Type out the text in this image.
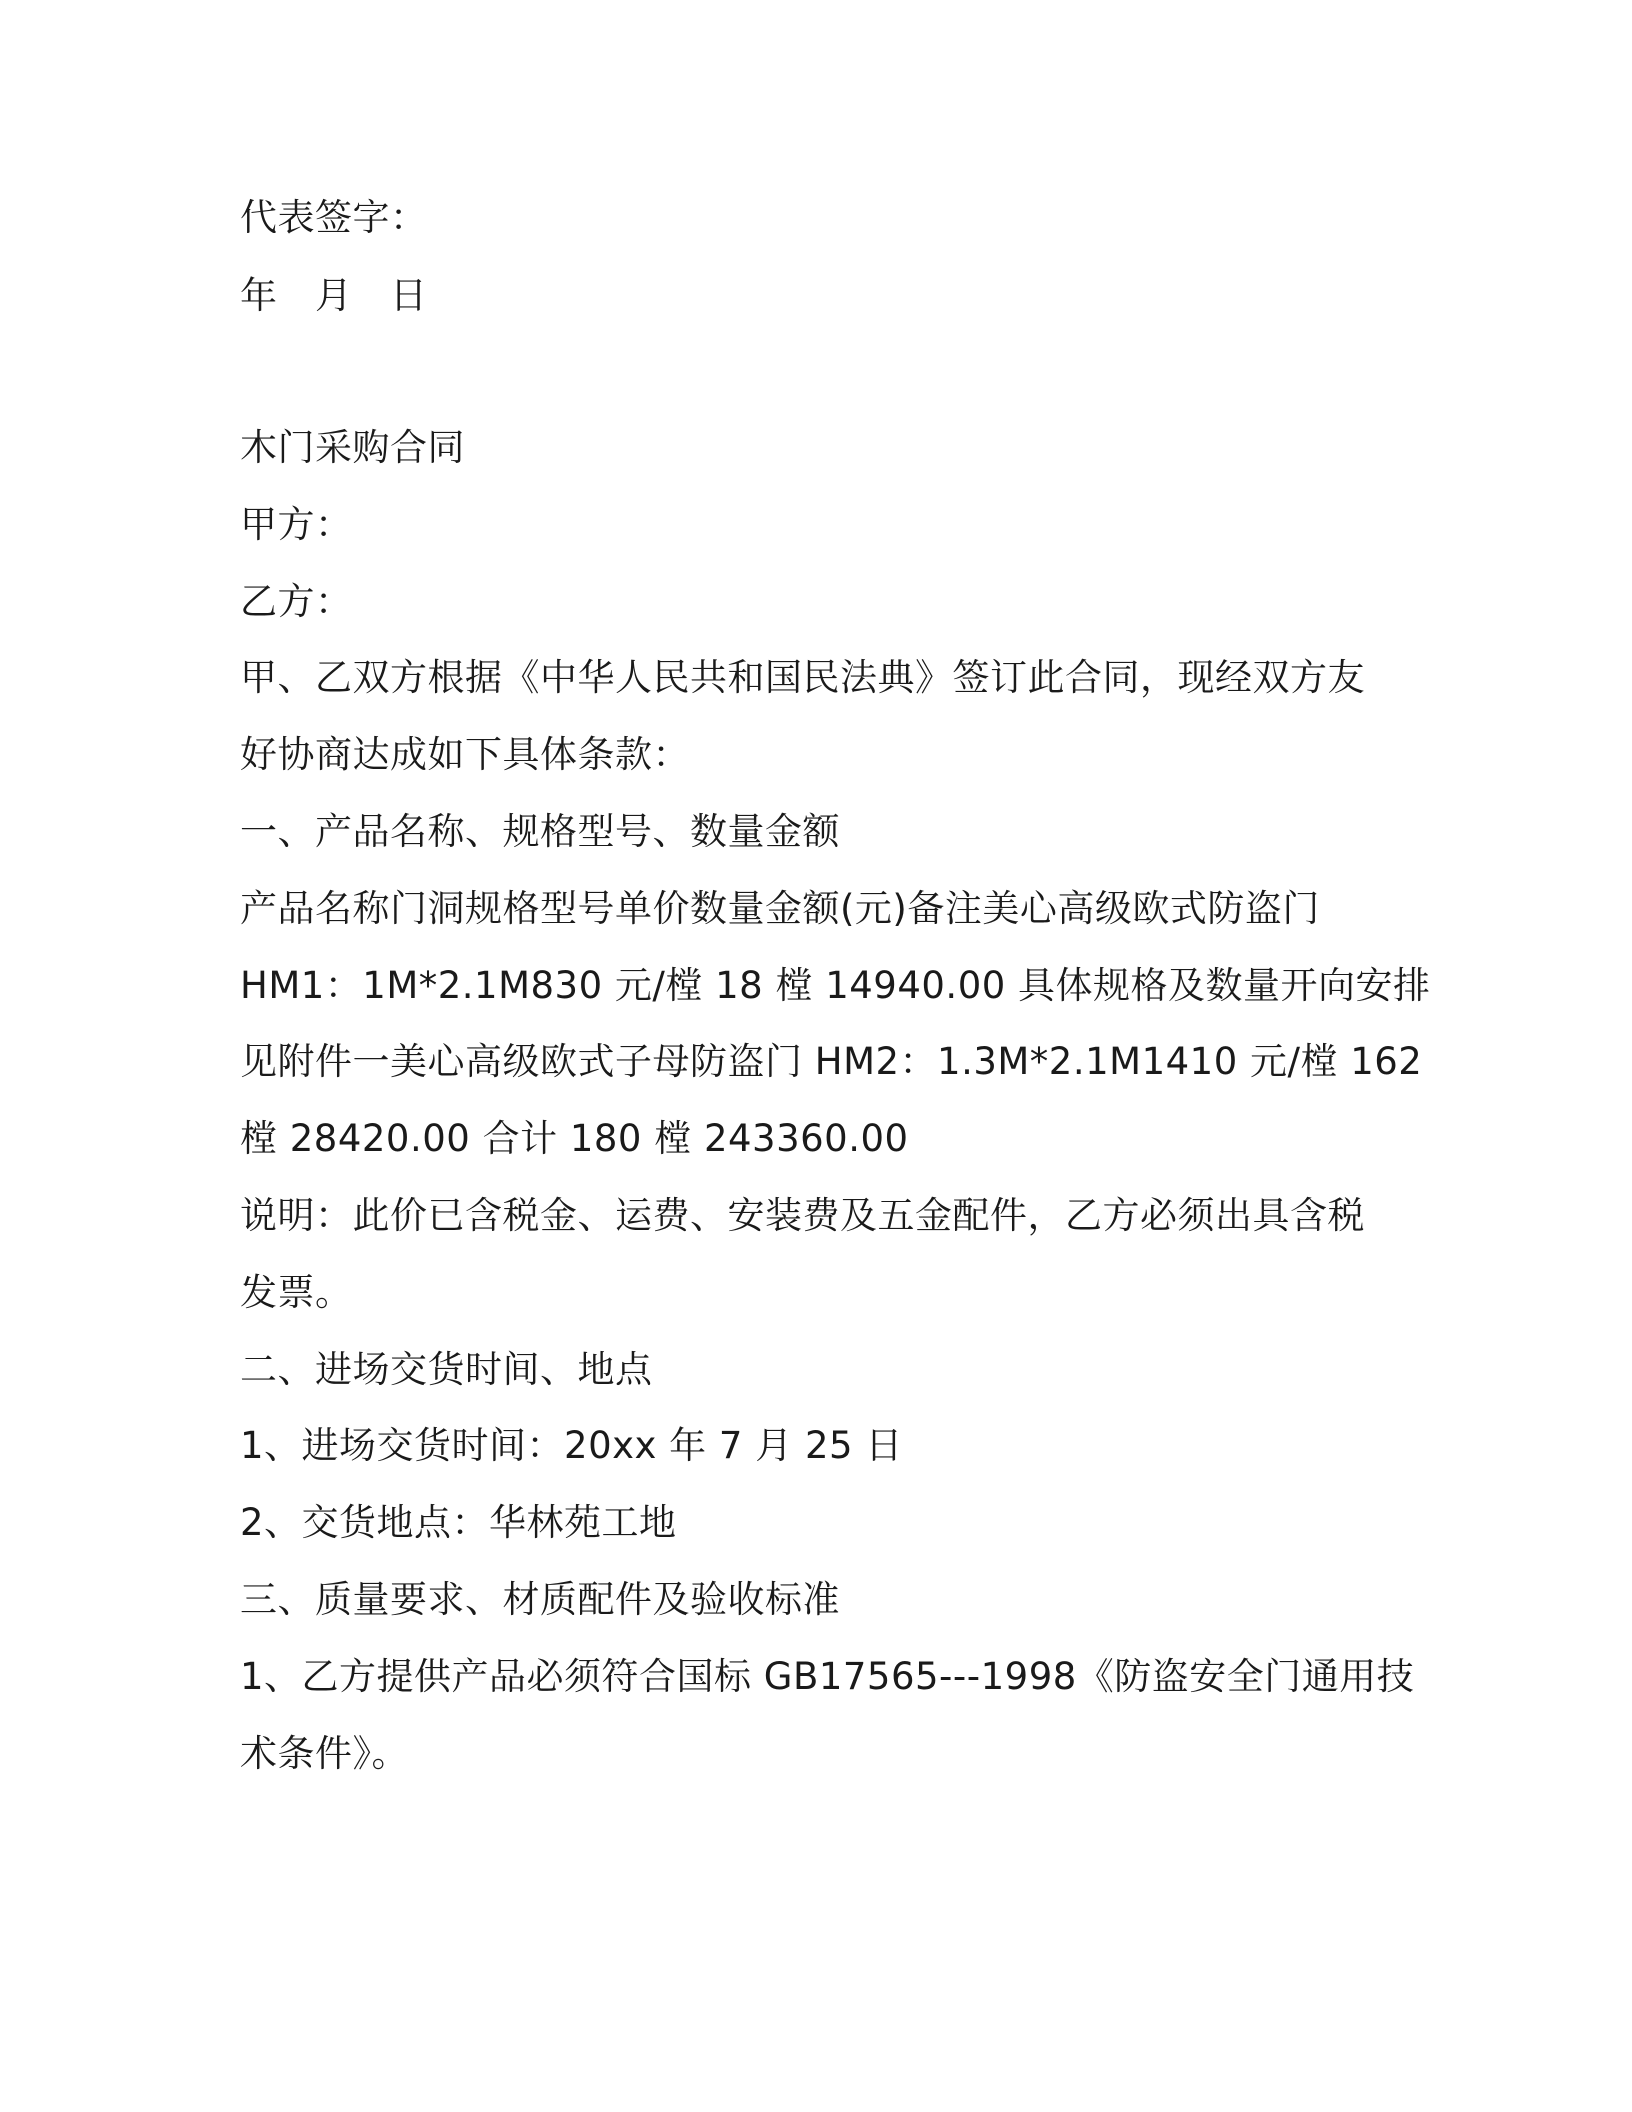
代表签字：
年　月　日
木门采购合同
甲方：
乙方：
甲、乙双方根据《中华人民共和国民法典》签订此合同，现经双方友
好协商达成如下具体条款：
一、产品名称、规格型号、数量金额
产品名称门洞规格型号单价数量金额(元)备注美心高级欧式防盗门
HM1：1M*2.1M830 元/樘 18 樘 14940.00 具体规格及数量开向安排
见附件一美心高级欧式子母防盗门 HM2：1.3M*2.1M1410 元/樘 162
樘 28420.00 合计 180 樘 243360.00
说明：此价已含税金、运费、安装费及五金配件，乙方必须出具含税
发票。
二、进场交货时间、地点
1、进场交货时间：20xx 年 7 月 25 日
2、交货地点：华林苑工地
三、质量要求、材质配件及验收标准
1、乙方提供产品必须符合国标 GB17565---1998《防盗安全门通用技
术条件》。
